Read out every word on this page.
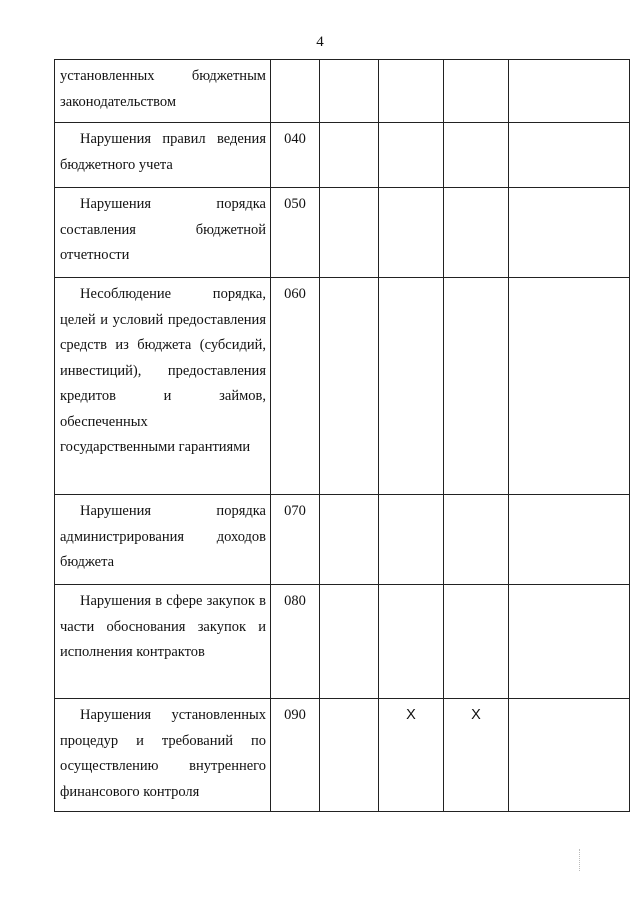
4
установленных бюджетным законодательством					
Нарушения правил ведения бюджетного учета	040				
Нарушения порядка составления бюджетной отчетности	050				
Несоблюдение порядка, целей и условий предоставления средств из бюджета (субсидий, инвестиций), предоставления кредитов и займов, обеспеченных государственными гарантиями	060				
Нарушения порядка администрирования доходов бюджета	070				
Нарушения в сфере закупок в части обоснования закупок и исполнения контрактов	080				
Нарушения установленных процедур и требований по осуществлению внутреннего финансового контроля	090		X	X	
